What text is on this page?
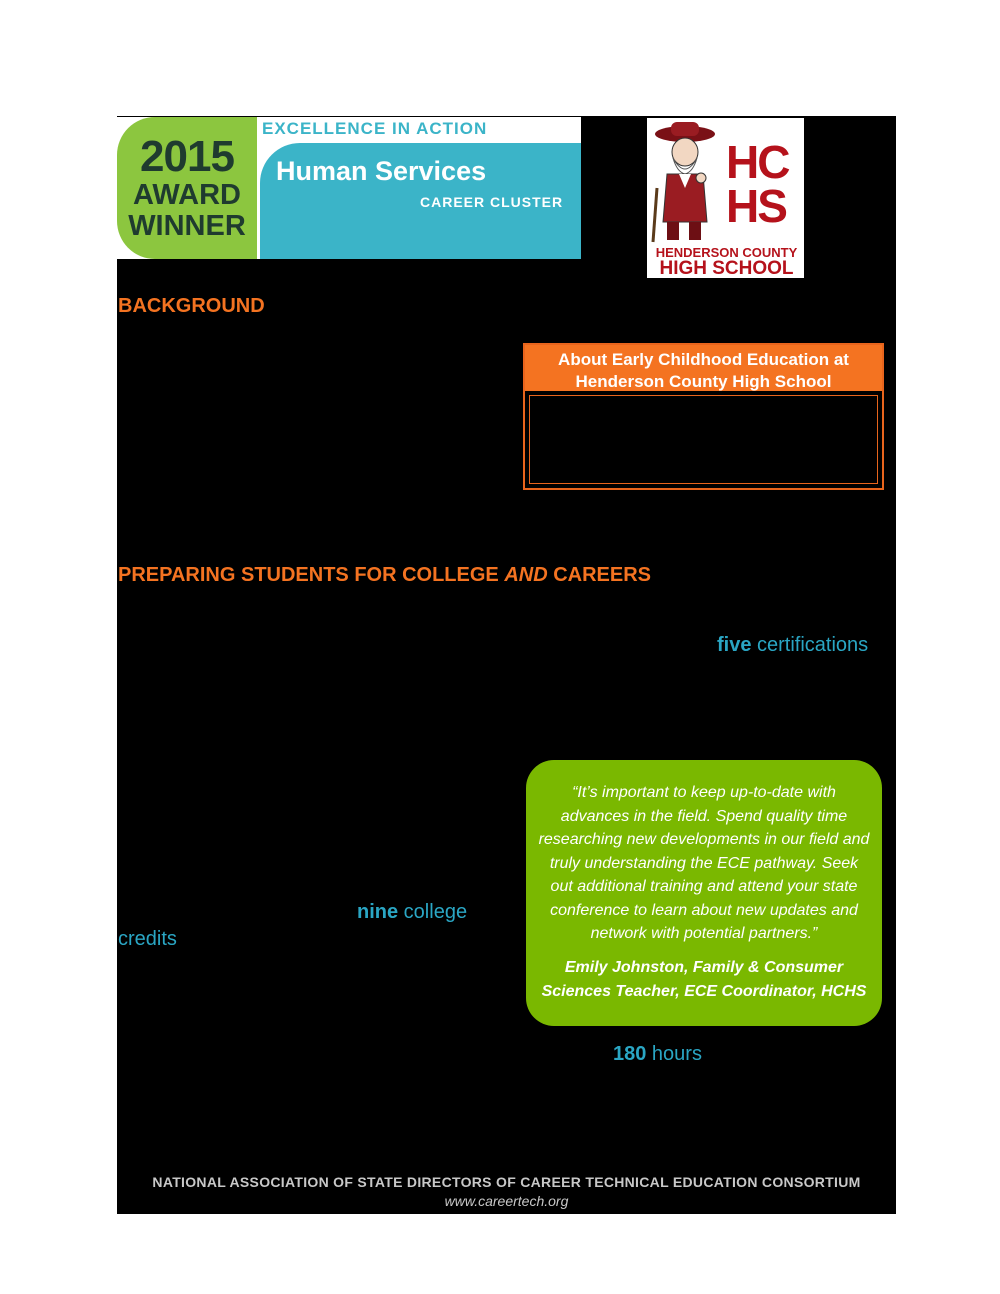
2015
AWARD
WINNER
EXCELLENCE IN ACTION
Human Services
CAREER CLUSTER
HC
HS
HENDERSON COUNTY
HIGH SCHOOL
BACKGROUND
PREPARING STUDENTS FOR COLLEGE AND CAREERS
About Early Childhood Education at
Henderson County High School
five certifications
nine college
credits
180 hours
“It’s important to keep up-to-date with advances in the field. Spend quality time researching new developments in our field and truly understanding the ECE pathway. Seek out additional training and attend your state conference to learn about new updates and network with potential partners.”
Emily Johnston, Family & Consumer
Sciences Teacher, ECE Coordinator, HCHS
NATIONAL ASSOCIATION OF STATE DIRECTORS OF CAREER TECHNICAL EDUCATION CONSORTIUM
www.careertech.org
